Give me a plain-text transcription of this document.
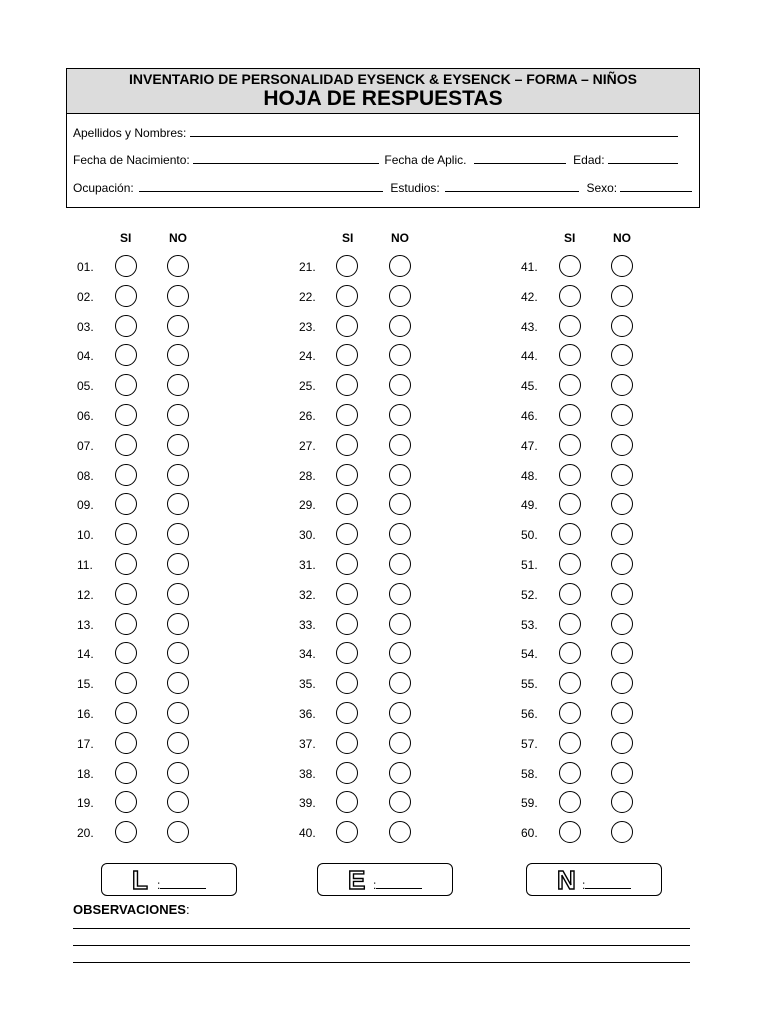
INVENTARIO DE PERSONALIDAD EYSENCK & EYSENCK – FORMA – NIÑOS
HOJA DE RESPUESTAS
Apellidos y Nombres:
Fecha de Nacimiento:	Fecha de Aplic.	Edad:
Ocupación:	Estudios:	Sexo:
SI	NO	SI	NO	SI	NO
01.
02.
03.
04.
05.
06.
07.
08.
09.
10.
11.
12.
13.
14.
15.
16.
17.
18.
19.
20.
21.
22.
23.
24.
25.
26.
27.
28.
29.
30.
31.
32.
33.
34.
35.
36.
37.
38.
39.
40.
41.
42.
43.
44.
45.
46.
47.
48.
49.
50.
51.
52.
53.
54.
55.
56.
57.
58.
59.
60.
L :	E :	N :
OBSERVACIONES:
